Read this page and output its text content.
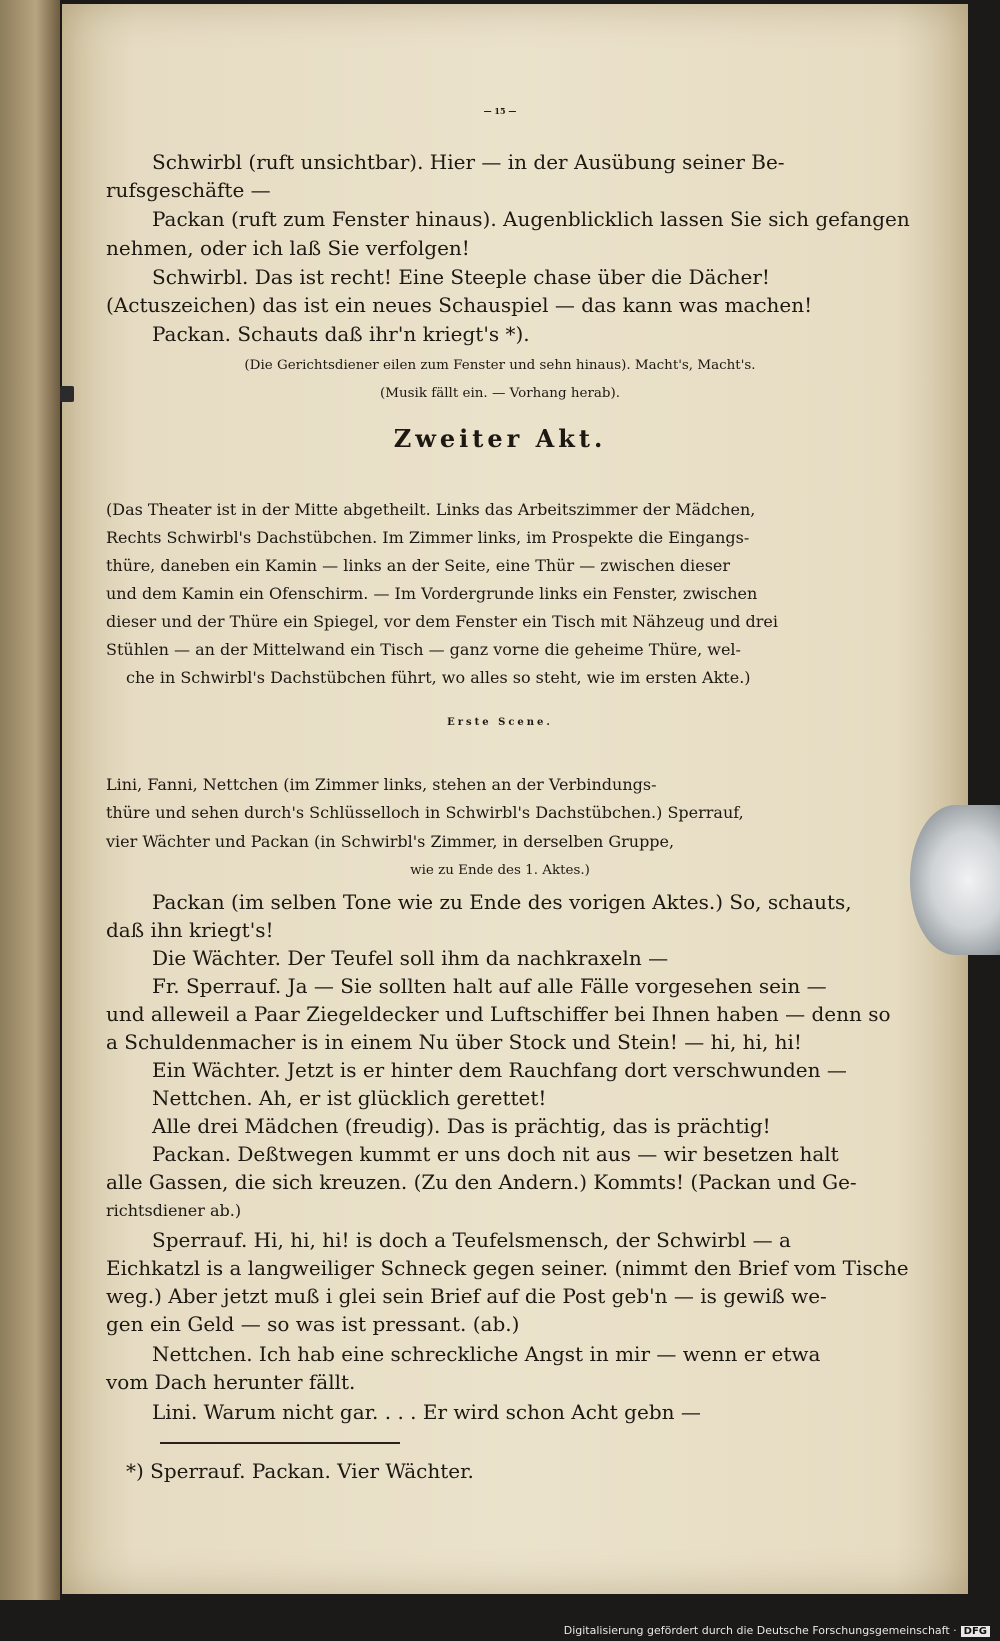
— 15 —
Schwirbl (ruft unsichtbar). Hier — in der Ausübung seiner Be-
rufsgeschäfte —
Packan (ruft zum Fenster hinaus). Augenblicklich lassen Sie sich gefangen
nehmen, oder ich laß Sie verfolgen!
Schwirbl. Das ist recht! Eine Steeple chase über die Dächer!
(Actuszeichen) das ist ein neues Schauspiel — das kann was machen!
Packan. Schauts daß ihr'n kriegt's *).
(Die Gerichtsdiener eilen zum Fenster und sehn hinaus). Macht's, Macht's.
(Musik fällt ein. — Vorhang herab).
Zweiter Akt.
(Das Theater ist in der Mitte abgetheilt. Links das Arbeitszimmer der Mädchen,
Rechts Schwirbl's Dachstübchen. Im Zimmer links, im Prospekte die Eingangs-
thüre, daneben ein Kamin — links an der Seite, eine Thür — zwischen dieser
und dem Kamin ein Ofenschirm. — Im Vordergrunde links ein Fenster, zwischen
dieser und der Thüre ein Spiegel, vor dem Fenster ein Tisch mit Nähzeug und drei
Stühlen — an der Mittelwand ein Tisch — ganz vorne die geheime Thüre, wel-
che in Schwirbl's Dachstübchen führt, wo alles so steht, wie im ersten Akte.)
Erste Scene.
Lini, Fanni, Nettchen (im Zimmer links, stehen an der Verbindungs-
thüre und sehen durch's Schlüsselloch in Schwirbl's Dachstübchen.) Sperrauf,
vier Wächter und Packan (in Schwirbl's Zimmer, in derselben Gruppe,
wie zu Ende des 1. Aktes.)
Packan (im selben Tone wie zu Ende des vorigen Aktes.) So, schauts,
daß ihn kriegt's!
Die Wächter. Der Teufel soll ihm da nachkraxeln —
Fr. Sperrauf. Ja — Sie sollten halt auf alle Fälle vorgesehen sein —
und alleweil a Paar Ziegeldecker und Luftschiffer bei Ihnen haben — denn so
a Schuldenmacher is in einem Nu über Stock und Stein! — hi, hi, hi!
Ein Wächter. Jetzt is er hinter dem Rauchfang dort verschwunden —
Nettchen. Ah, er ist glücklich gerettet!
Alle drei Mädchen (freudig). Das is prächtig, das is prächtig!
Packan. Deßtwegen kummt er uns doch nit aus — wir besetzen halt
alle Gassen, die sich kreuzen. (Zu den Andern.) Kommts! (Packan und Ge-
richtsdiener ab.)
Sperrauf. Hi, hi, hi! is doch a Teufelsmensch, der Schwirbl — a
Eichkatzl is a langweiliger Schneck gegen seiner. (nimmt den Brief vom Tische
weg.) Aber jetzt muß i glei sein Brief auf die Post geb'n — is gewiß we-
gen ein Geld — so was ist pressant. (ab.)
Nettchen. Ich hab eine schreckliche Angst in mir — wenn er etwa
vom Dach herunter fällt.
Lini. Warum nicht gar. . . . Er wird schon Acht gebn —
*) Sperrauf. Packan. Vier Wächter.
Digitalisierung gefördert durch die Deutsche Forschungsgemeinschaft · DFG
